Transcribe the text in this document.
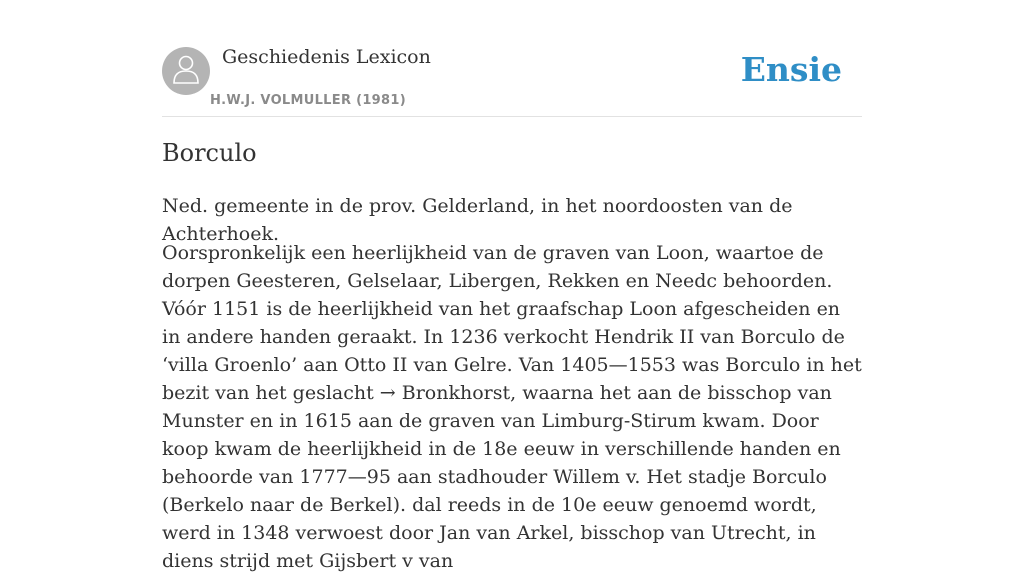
Geschiedenis Lexicon
H.W.J. VOLMULLER (1981)
Ensie
Borculo

Ned. gemeente in de prov. Gelderland, in het noordoosten van de Achterhoek.

Oorspronkelijk een heerlijkheid van de graven van Loon, waartoe de dorpen Geesteren, Gelselaar, Libergen, Rekken en Needc behoorden. Vóór 1151 is de heerlijkheid van het graafschap Loon afgescheiden en in andere handen geraakt. In 1236 verkocht Hendrik II van Borculo de ‘villa Groenlo’ aan Otto II van Gelre. Van 1405—1553 was Borculo in het bezit van het geslacht → Bronkhorst, waarna het aan de bisschop van Munster en in 1615 aan de graven van Limburg-Stirum kwam. Door koop kwam de heerlijkheid in de 18e eeuw in verschillende handen en behoorde van 1777—95 aan stadhouder Willem v. Het stadje Borculo (Berkelo naar de Berkel). dal reeds in de 10e eeuw genoemd wordt, werd in 1348 verwoest door Jan van Arkel, bisschop van Utrecht, in diens strijd met Gijsbert v van
